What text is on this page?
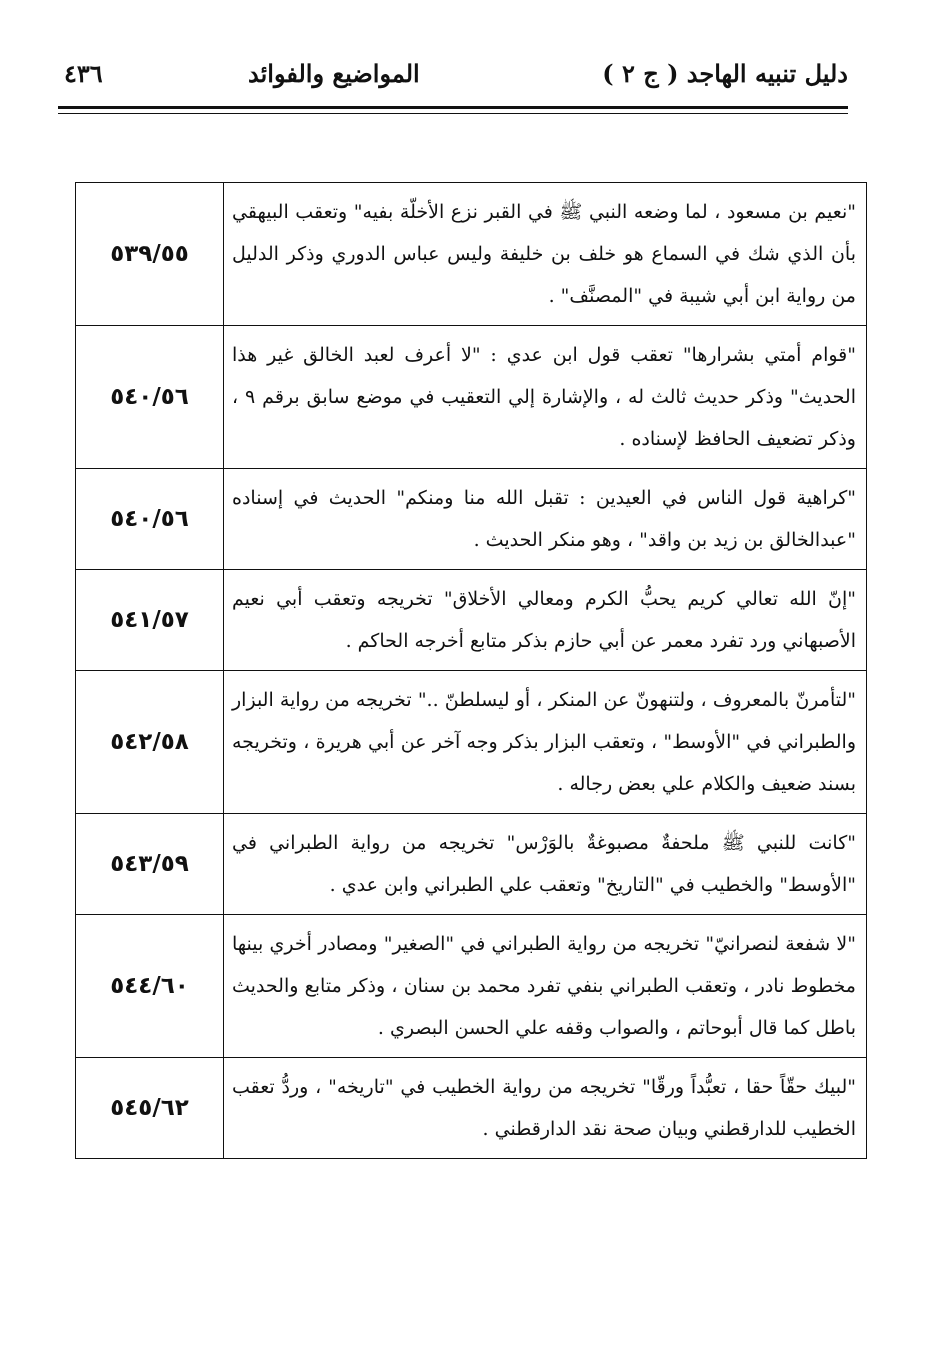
دليل تنبيه الهاجد ( ج ٢ )
المواضيع والفوائد
٤٣٦
"نعيم بن مسعود ، لما وضعه النبي ﷺ في القبر نزع الأخلّة بفيه" وتعقب البيهقي بأن الذي شك في السماع هو خلف بن خليفة وليس عباس الدوري وذكر الدليل من رواية ابن أبي شيبة في "المصنَّف" .	٥٣٩/٥٥
"قوام أمتي بشرارها" تعقب قول ابن عدي : "لا أعرف لعبد الخالق غير هذا الحديث" وذكر حديث ثالث له ، والإشارة إلي التعقيب في موضع سابق برقم ٩ ، وذكر تضعيف الحافظ لإسناده .	٥٤٠/٥٦
"كراهية قول الناس في العيدين : تقبل الله منا ومنكم" الحديث في إسناده "عبدالخالق بن زيد بن واقد" ، وهو منكر الحديث .	٥٤٠/٥٦
"إنّ الله تعالي كريم يحبُّ الكرم ومعالي الأخلاق" تخريجه وتعقب أبي نعيم الأصبهاني ورد تفرد معمر عن أبي حازم بذكر متابع أخرجه الحاكم .	٥٤١/٥٧
"لتأمرنّ بالمعروف ، ولتنهونّ عن المنكر ، أو ليسلطنّ .." تخريجه من رواية البزار والطبراني في "الأوسط" ، وتعقب البزار بذكر وجه آخر عن أبي هريرة ، وتخريجه بسند ضعيف والكلام علي بعض رجاله .	٥٤٢/٥٨
"كانت للنبي ﷺ ملحفةٌ مصبوغةٌ بالوَرْس" تخريجه من رواية الطبراني في "الأوسط" والخطيب في "التاريخ" وتعقب علي الطبراني وابن عدي .	٥٤٣/٥٩
"لا شفعة لنصرانيّ" تخريجه من رواية الطبراني في "الصغير" ومصادر أخري بينها مخطوط نادر ، وتعقب الطبراني بنفي تفرد محمد بن سنان ، وذكر متابع والحديث باطل كما قال أبوحاتم ، والصواب وقفه علي الحسن البصري .	٥٤٤/٦٠
"لبيك حقّاً حقا ، تعبُّداً ورقّا" تخريجه من رواية الخطيب في "تاريخه" ، وردُّ تعقب الخطيب للدارقطني وبيان صحة نقد الدارقطني .	٥٤٥/٦٢
